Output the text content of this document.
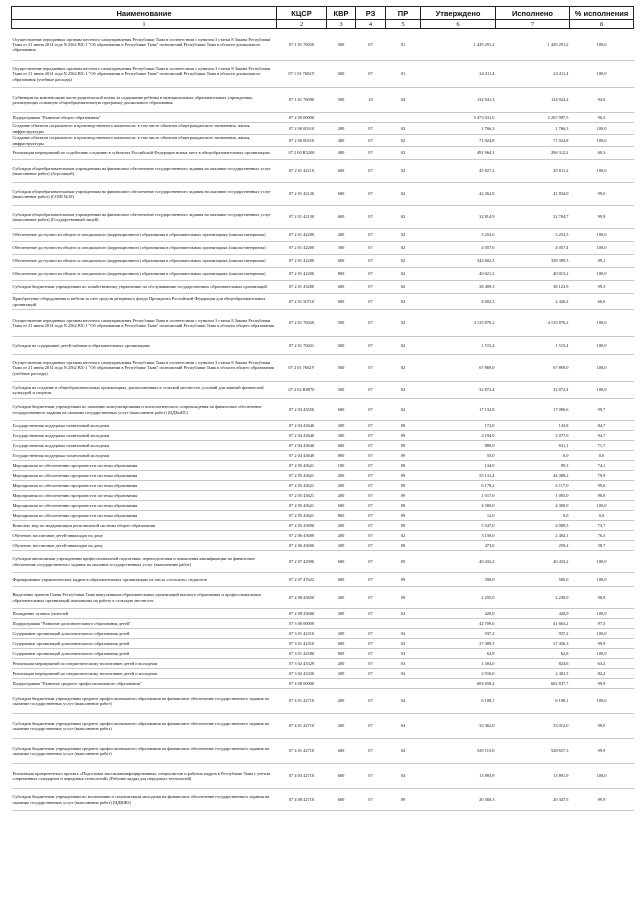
Наименование	КЦСР	КВР	РЗ	ПР	Утверждено	Исполнено	% исполнения
1	2	3	4	5	6	7	8
Осуществление переданных органам местного самоуправления Республики Тыва в соответствии с пунктом 3 статьи 8 Закона Республики Тыва от 21 июня 2014 года N 2562 ВХ-1 "Об образовании в Республике Тыва" полномочий Республики Тыва в области дошкольного образования	07 1 01 76020	500	07	01	1 429 291,2	1 429 291,2	100,0
Осуществление переданных органам местного самоуправления Республики Тыва в соответствии с пунктом 3 статьи 8 Закона Республики Тыва от 21 июня 2014 года N 2562 ВХ-1 "Об образовании в Республике Тыва" полномочий Республики Тыва в области дошкольного образования (учебные расходы)	07 1 01 7602У	500	07	01	24 411,4	24 411,4	100,0
Субвенции на компенсацию части родительской платы за содержание ребенка в муниципальных образовательных учреждениях, реализующих основную общеобразовательную программу дошкольного образования	07 1 01 76090	500	10	04	132 941,3	124 922,2	94,0
Подпрограмма "Развитие общего образования"	07 2 00 00000				5 473 031,0	5 267 997,5	96,3
Создание объектов социального и производственного комплексов, в том числе объектов общегражданского назначения, жилья, инфраструктуры	07 2 00 00310	200	07	02	1 766,3	1 766,3	100,0
Создание объектов социального и производственного комплексов, в том числе объектов общегражданского назначения, жилья, инфраструктуры	07 2 00 00310	400	07	02	71 024,8	71 024,8	100,0
Реализация мероприятий по содействию созданию в субъектах Российской Федерации новых мест в общеобразовательных организациях	07 2 00 R5200	400	07	02	491 964,3	296 312,2	60,3
Субсидии общеобразовательным учреждениям на финансовое обеспечение государственного задания на оказание государственных услуг (выполнение работ) (Агролицей)	07 2 01 42110	600	07	02	45 827,2	45 811,2	100,0
Субсидии общеобразовательным учреждениям на финансовое обеспечение государственного задания на оказание государственных услуг (выполнение работ) (СОШ №10)	07 2 01 42120	600	07	02	42 262,0	41 834,0	99,0
Субсидии общеобразовательным учреждениям на финансовое обеспечение государственного задания на оказание государственных услуг (выполнение работ) (Государственный лицей)	07 2 01 42130	600	07	02	32 814,9	32 784,7	99,9
Обеспечение доступности общего и специального (коррекционного) образования в образовательных организациях (школы-интернаты)	07 2 01 42200	200	07	02	3 253,6	3 253,3	100,0
Обеспечение доступности общего и специального (коррекционного) образования в образовательных организациях (школы-интернаты)	07 2 01 42200	300	07	02	4 057,6	4 057,4	100,0
Обеспечение доступности общего и специального (коррекционного) образования в образовательных организациях (школы-интернаты)	07 2 01 42200	600	07	02	342 602,3	339 399,3	99,1
Обеспечение доступности общего и специального (коррекционного) образования в образовательных организациях (школы-интернаты)	07 2 01 42200	800	07	02	40 021,2	40 015,2	100,0
Субсидии бюджетным учреждениям по хозяйственному управлению по обслуживанию государственных образовательных организаций	07 2 01 43200	600	07	02	38 409,3	38 123,9	99,3
Приобретение оборудования и мебели за счет средств резервного фонда Президента Российской Федерации для общеобразовательных организаций	07 2 01 50710	600	07	02	4 002,5	2 426,2	60,6
Осуществление переданных органам местного самоуправления Республики Тыва в соответствии с пунктом 3 статьи 8 Закона Республики Тыва от 21 июня 2014 года N 2562 ВХ-1 "Об образовании в Республике Тыва" полномочий Республики Тыва в области общего образования	07 2 01 76020	500	07	02	4 135 876,2	4 135 876,2	100,0
Субсидии на содержание детей-чабанов в образовательных организациях	07 2 01 76021	500	07	02	1 515,4	1 515,4	100,0
Осуществление переданных органам местного самоуправления Республики Тыва в соответствии с пунктом 3 статьи 8 Закона Республики Тыва от 21 июня 2014 года N 2562 ВХ-1 "Об образовании в Республике Тыва" полномочий Республики Тыва в области общего образования (учебные расходы)	07 2 01 7602У	500	07	02	67 869,0	67 869,0	100,0
Субсидии на создание в общеобразовательных организациях, расположенных в сельской местности, условий для занятий физической культурой и спортом	07 2 02 R0970	500	07	02	32 872,4	32 872,4	100,0
Субсидии бюджетным учреждениям по оказанию консультирования и психологического сопровождения на финансовое обеспечение государственного задания на оказание государственных услуг (выполнение работ) (ЦДКиПС)	07 2 03 43550	600	07	02	17 132,8	17 086,6	99,7
Государственная поддержка талантливой молодежи	07 2 04 43640	200	07	09	172,0	143,8	84,7
Государственная поддержка талантливой молодежи	07 2 04 43640	300	07	09	2 194,0	2 077,0	94,7
Государственная поддержка талантливой молодежи	07 2 04 43640	600	07	09	880,0	631,1	71,7
Государственная поддержка талантливой молодежи	07 2 04 43640	800	07	09	55,0	0,0	0,0
Мероприятия по обеспечению прозрачности системы образования	07 2 05 43621	100	07	09	134,0	99,3	74,1
Мероприятия по обеспечению прозрачности системы образования	07 2 05 43621	200	07	09	55 131,4	44 388,2	79,9
Мероприятия по обеспечению прозрачности системы образования	07 2 05 43621	200	07	09	6 178,2	6 117,0	99,6
Мероприятия по обеспечению прозрачности системы образования	07 2 05 43621	200	07	09	1 017,0	1 005,0	98,8
Мероприятия по обеспечению прозрачности системы образования	07 2 05 43621	600	07	09	4 300,0	4 300,0	100,0
Мероприятия по обеспечению прозрачности системы образования	07 2 05 43621	800	07	09	12,0	0,0	0,0
Комплекс мер по модернизации региональной системы общего образования	07 2 05 43690	200	07	09	5 547,0	4 089,5	73,7
Обучение, воспитание детей-инвалидов на дому	07 2 06 43600	200	07	02	3 150,0	2 404,1	76,3
Обучение, воспитание детей-инвалидов на дому	07 2 06 43600	200	07	09	473,0	259,2	58,7
Субсидии автономным учреждениям профессиональной подготовки, переподготовки и повышения квалификации на финансовое обеспечение государственного задания на оказание государственных услуг (выполнение работ)	07 2 07 42900	600	07	05	40 433,2	40 433,2	100,0
Формирование управленческих кадров в образовательных организациях из числа «сельских» педагогов	07 2 07 47622	600	07	09	500,0	500,0	100,0
Выделение грантов Главы Республики Тыва выпускникам образовательных организаций высшего образования и профессиональных образовательных организаций, выехавших на работу в сельскую местность	07 2 08 43650	300	07	09	2 255,0	2 230,0	98,9
Поощрение лучших учителей	07 2 08 43680	300	07	02	420,0	420,0	100,0
Подпрограмма "Развитие дополнительного образования детей"	07 3 00 00000				42 709,6	41 663,2	97,5
Содержание организаций дополнительного образования детей	07 3 01 42310	200	07	03	937,2	937,2	100,0
Содержание организаций дополнительного образования детей	07 3 01 42310	600	07	03	37 489,5	37 436,3	99,9
Содержание организаций дополнительного образования детей	07 3 01 42580	800	07	03	62,8	62,8	100,0
Реализация мероприятий по патриотическому воспитанию детей и молодежи	07 3 02 43329	200	07	03	1 304,0	824,6	63,2
Реализация мероприятий по патриотическому воспитанию детей и молодежи	07 3 02 43330	200	07	03	2 916,0	2 402,3	82,4
Подпрограмма "Развитие среднего профессионального образования"	07 4 00 00000				603 658,4	602 837,7	99,9
Субсидии бюджетным учреждениям среднего профессионального образования на финансовое обеспечение государственного задания на оказание государственных услуг (выполнение работ)	07 4 01 42710	200	07	04	6 108,1	6 108,1	100,0
Субсидии бюджетным учреждениям среднего профессионального образования на финансовое обеспечение государственного задания на оказание государственных услуг (выполнение работ)	07 4 01 42710	300	07	04	33 362,0	33 012,0	99,0
Субсидии бюджетным учреждениям среднего профессионального образования на финансовое обеспечение государственного задания на оказание государственных услуг (выполнение работ)	07 4 01 42710	600	07	04	529 115,0	528 657,3	99,9
Реализация приоритетного проекта «Подготовка высококвалифицированных специалистов и рабочих кадров в Республике Тыва с учетом современных стандартов и передовых технологий» (Рабочие кадры для передовых технологий)	07 4 03 42710	600	07	04	13 893,9	13 891,9	100,0
Субсидии бюджетным учреждениям по воспитанию и социализации молодежи на финансовое обеспечение государственного задания на оказание государственных услуг (выполнение работ) (ЦДЮЮ)	07 4 08 42710	600	07	09	20 360,3	20 347,5	99,9
